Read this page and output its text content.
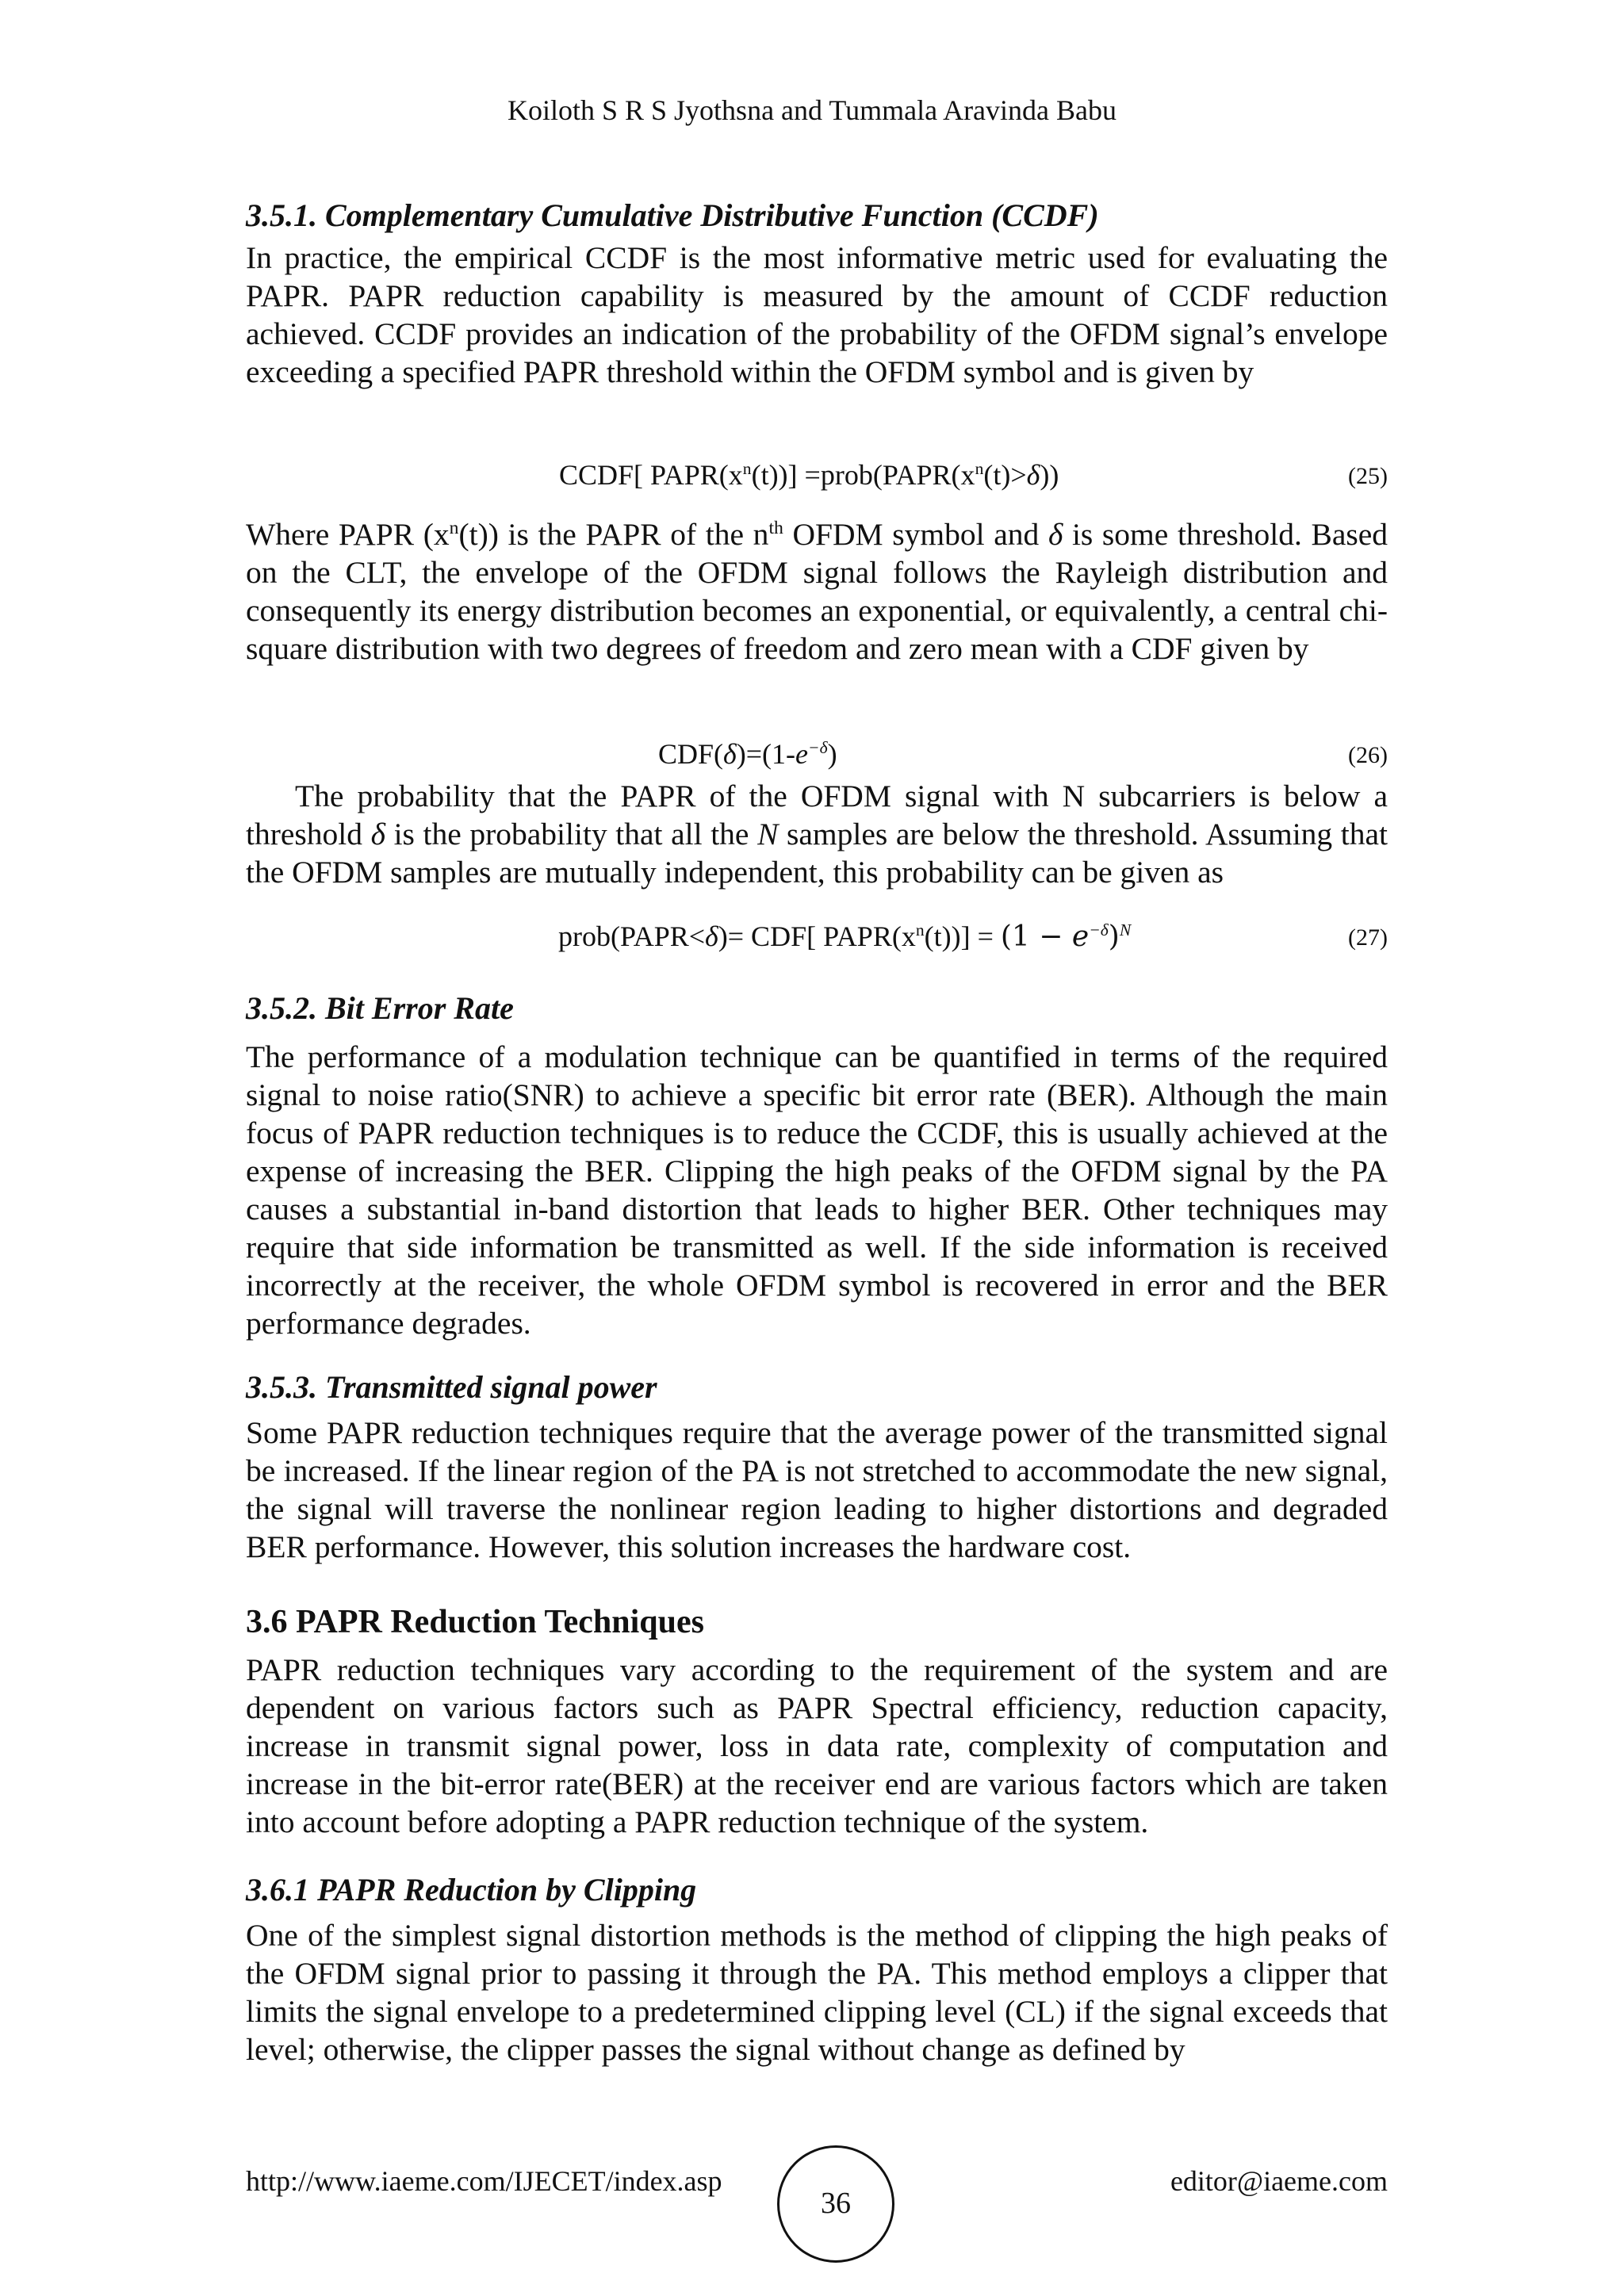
Koiloth S R S Jyothsna and Tummala Aravinda Babu

3.5.1. Complementary Cumulative Distributive Function (CCDF)

In practice, the empirical CCDF is the most informative metric used for evaluating the PAPR. PAPR reduction capability is measured by the amount of CCDF reduction achieved. CCDF provides an indication of the probability of the OFDM signal’s envelope exceeding a specified PAPR threshold within the OFDM symbol and is given by

CCDF[ $PAPR(x^n(t))$] $=prob(PAPR(x^n(t)>\delta))$	(25)

Where PAPR $(x^n(t))$ is the PAPR of the $n^{th}$ OFDM symbol and δ is some threshold. Based on the CLT, the envelope of the OFDM signal follows the Rayleigh distribution and consequently its energy distribution becomes an exponential, or equivalently, a central chi-square distribution with two degrees of freedom and zero mean with a CDF given by

$CDF(\delta)=(1-e^{-\delta})$	(26)

The probability that the PAPR of the OFDM signal with N subcarriers is below a threshold δ is the probability that all the N samples are below the threshold. Assuming that the OFDM samples are mutually independent, this probability can be given as

prob(PAPR<δ)= CDF[ $PAPR(x^n(t))] = (1 - e^{-\delta})^N$	(27)

3.5.2. Bit Error Rate

The performance of a modulation technique can be quantified in terms of the required signal to noise ratio(SNR) to achieve a specific bit error rate (BER). Although the main focus of PAPR reduction techniques is to reduce the CCDF, this is usually achieved at the expense of increasing the BER. Clipping the high peaks of the OFDM signal by the PA causes a substantial in-band distortion that leads to higher BER. Other techniques may require that side information be transmitted as well. If the side information is received incorrectly at the receiver, the whole OFDM symbol is recovered in error and the BER performance degrades.

3.5.3. Transmitted signal power

Some PAPR reduction techniques require that the average power of the transmitted signal be increased. If the linear region of the PA is not stretched to accommodate the new signal, the signal will traverse the nonlinear region leading to higher distortions and degraded BER performance. However, this solution increases the hardware cost.

3.6 PAPR Reduction Techniques

PAPR reduction techniques vary according to the requirement of the system and are dependent on various factors such as PAPR Spectral efficiency, reduction capacity, increase in transmit signal power, loss in data rate, complexity of computation and increase in the bit-error rate(BER) at the receiver end are various factors which are taken into account before adopting a PAPR reduction technique of the system.

3.6.1 PAPR Reduction by Clipping

One of the simplest signal distortion methods is the method of clipping the high peaks of the OFDM signal prior to passing it through the PA. This method employs a clipper that limits the signal envelope to a predetermined clipping level (CL) if the signal exceeds that level; otherwise, the clipper passes the signal without change as defined by

http://www.iaeme.com/IJECET/index.asp
36
editor@iaeme.com
